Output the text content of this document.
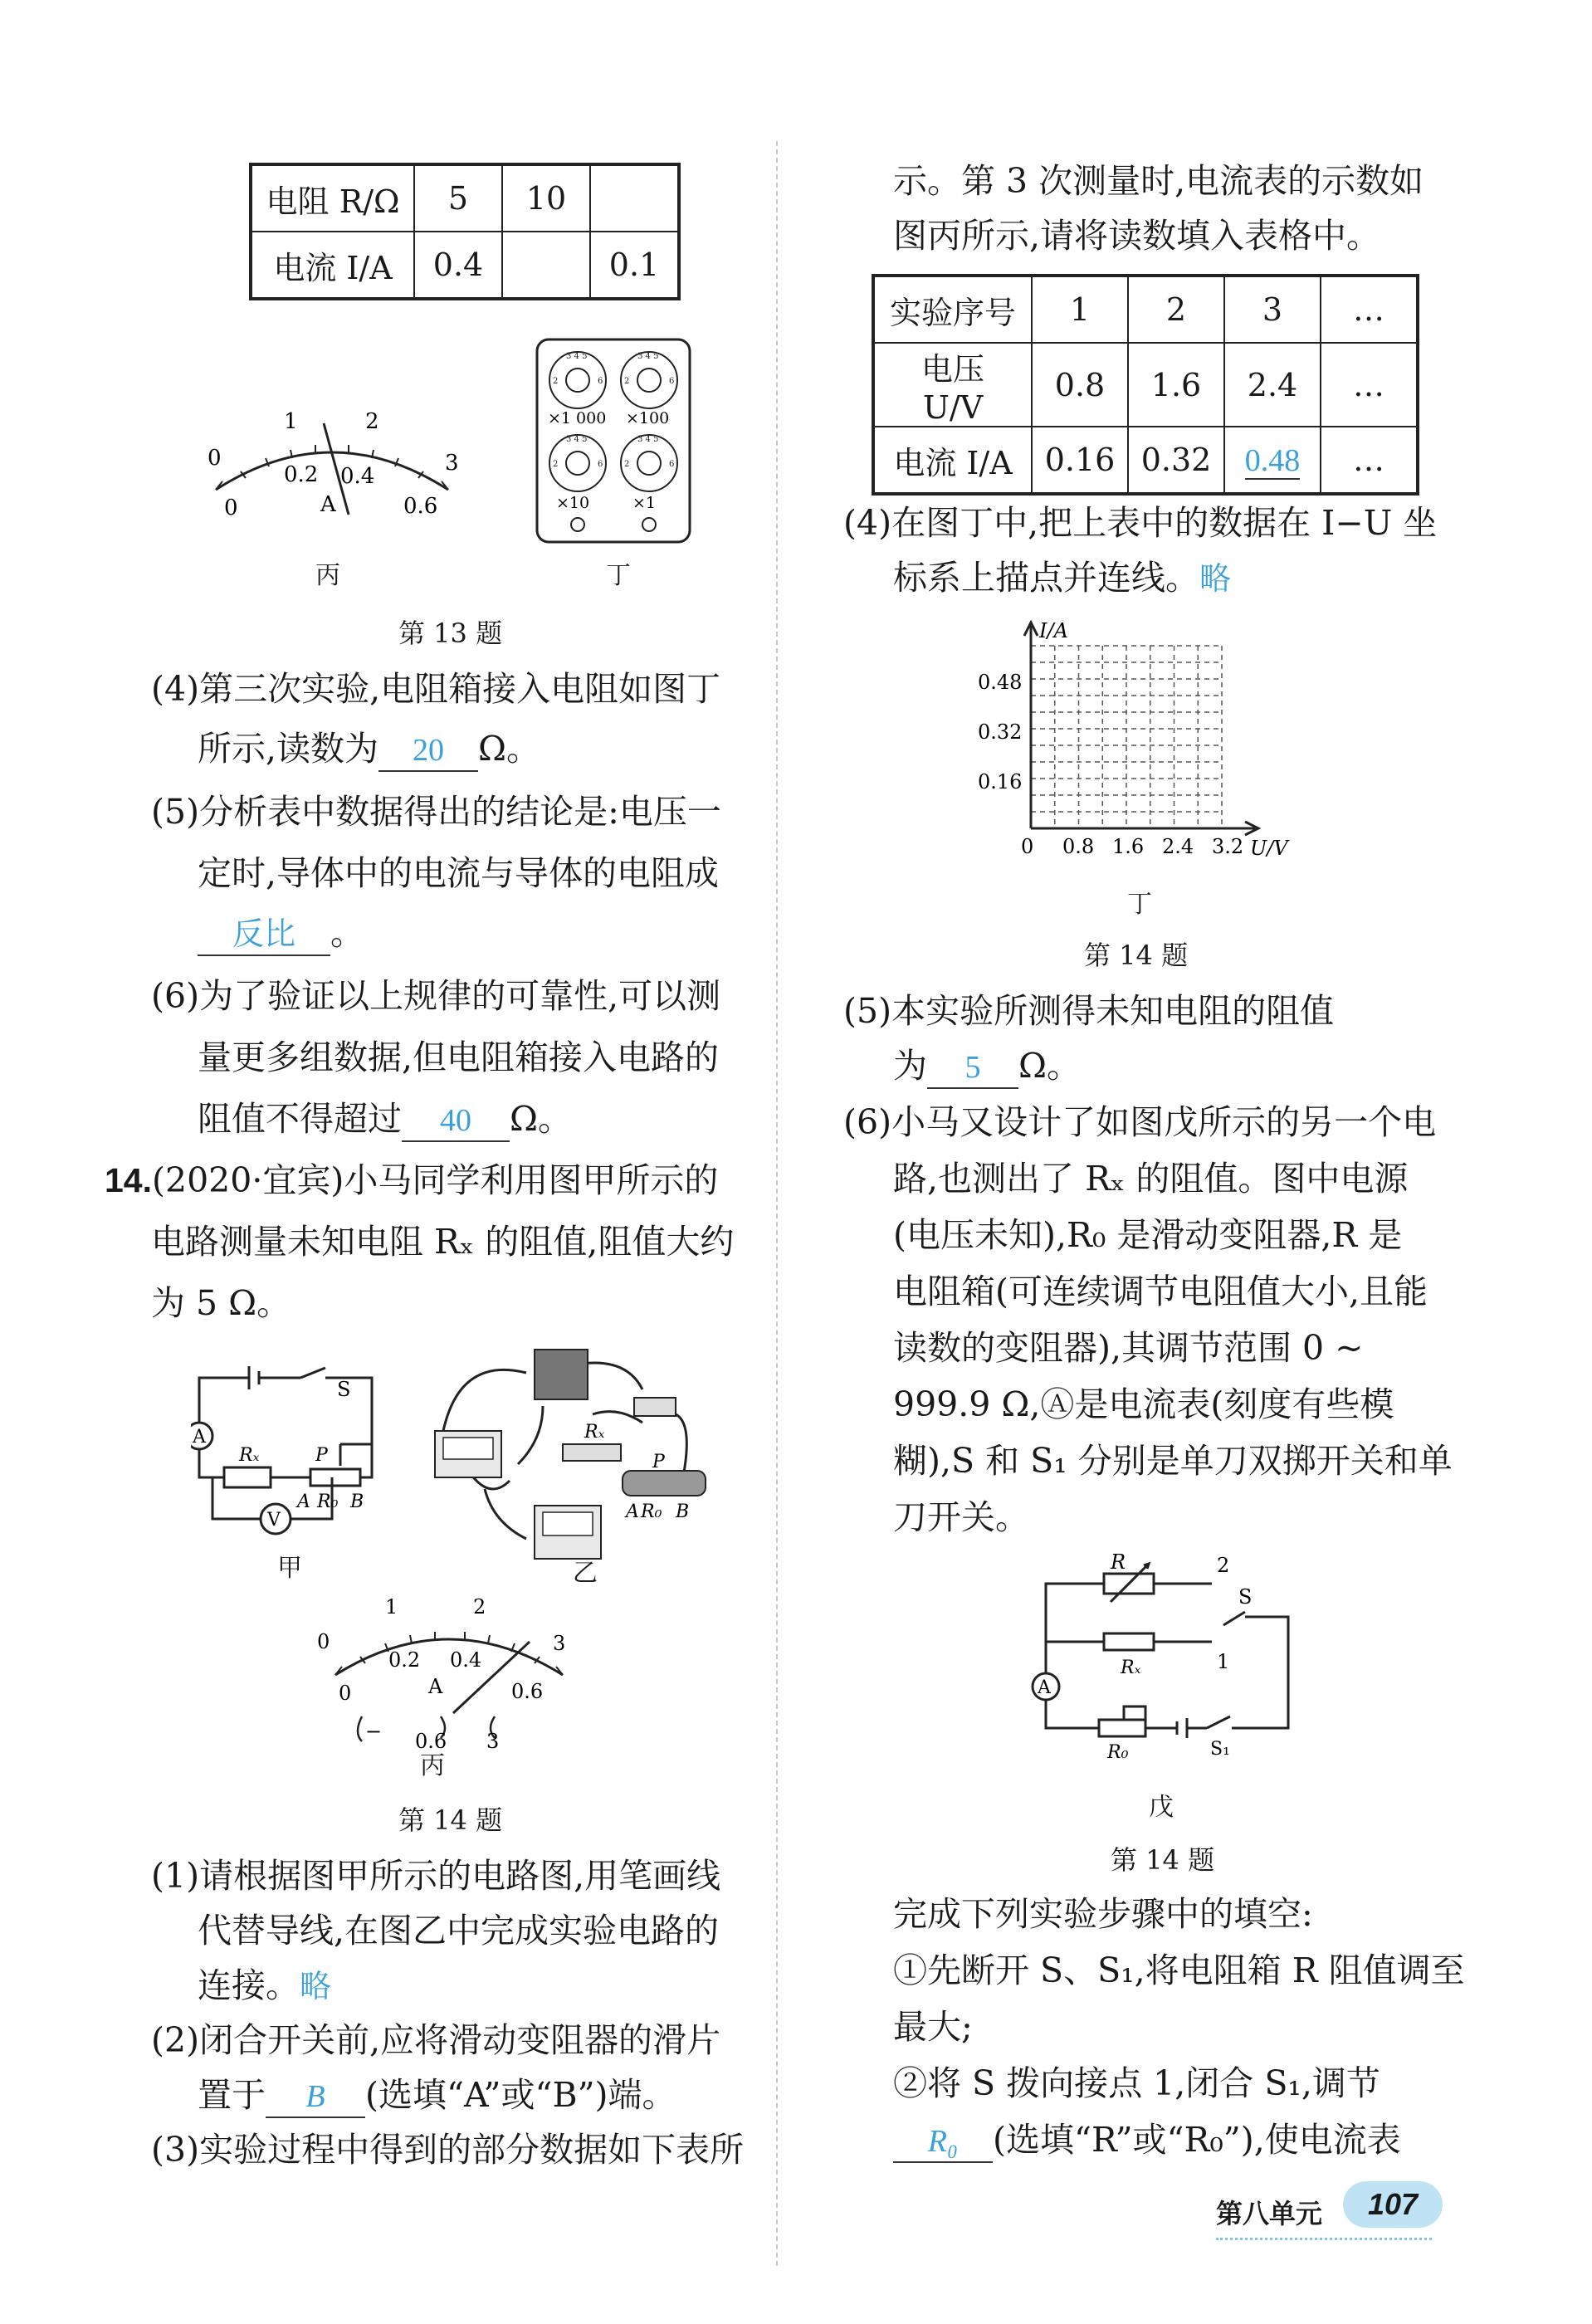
电阻 R/Ω	5	10	
电流 I/A	0.4		0.1
0
1	2
3
0
0.2 0.4
0.6
A
丙
3 4 5	3 4 5
3 4 5	3 4 5
2	6	2	6
2	6	2	6
×1 000 ×100
×10	×1
丁
第 13 题
(4)第三次实验,电阻箱接入电阻如图丁
所示,读数为 20 Ω。
(5)分析表中数据得出的结论是:电压一
定时,导体中的电流与导体的电阻成
反比 。
(6)为了验证以上规律的可靠性,可以测
量更多组数据,但电阻箱接入电路的
阻值不得超过 40 Ω。
14.(2020·宜宾)小马同学利用图甲所示的
电路测量未知电阻 Rₓ 的阻值,阻值大约
为 5 Ω。
S
A
Rₓ	P
A R₀ B
V
甲
Rₓ
P
A R₀ B
乙
0
1	2
3
0
0.2 0.4
0.6
A
− 0.6 3
丙
第 14 题
(1)请根据图甲所示的电路图,用笔画线
代替导线,在图乙中完成实验电路的
连接。略
(2)闭合开关前,应将滑动变阻器的滑片
置于 B (选填“A”或“B”)端。
(3)实验过程中得到的部分数据如下表所
示。第 3 次测量时,电流表的示数如
图丙所示,请将读数填入表格中。
实验序号	1	2	3	…
电压 U/V	0.8	1.6	2.4	…
电流 I/A	0.16	0.32	0.48	…
(4)在图丁中,把上表中的数据在 I−U 坐
标系上描点并连线。略
I/A
U/V
0.48
0.32
0.16
0 0.8 1.6 2.4 3.2
丁
第 14 题
(5)本实验所测得未知电阻的阻值
为 5 Ω。
(6)小马又设计了如图戊所示的另一个电
路,也测出了 Rₓ 的阻值。图中电源
(电压未知),R₀ 是滑动变阻器,R 是
电阻箱(可连续调节电阻值大小,且能
读数的变阻器),其调节范围 0 ~
999.9 Ω,Ⓐ是电流表(刻度有些模
糊),S 和 S₁ 分别是单刀双掷开关和单
刀开关。
R	2
S
Rₓ	1
A
R₀	S₁
戊
第 14 题
完成下列实验步骤中的填空:
①先断开 S、S₁,将电阻箱 R 阻值调至
最大;
②将 S 拨向接点 1,闭合 S₁,调节
R₀ (选填“R”或“R₀”),使电流表
第八单元	107
